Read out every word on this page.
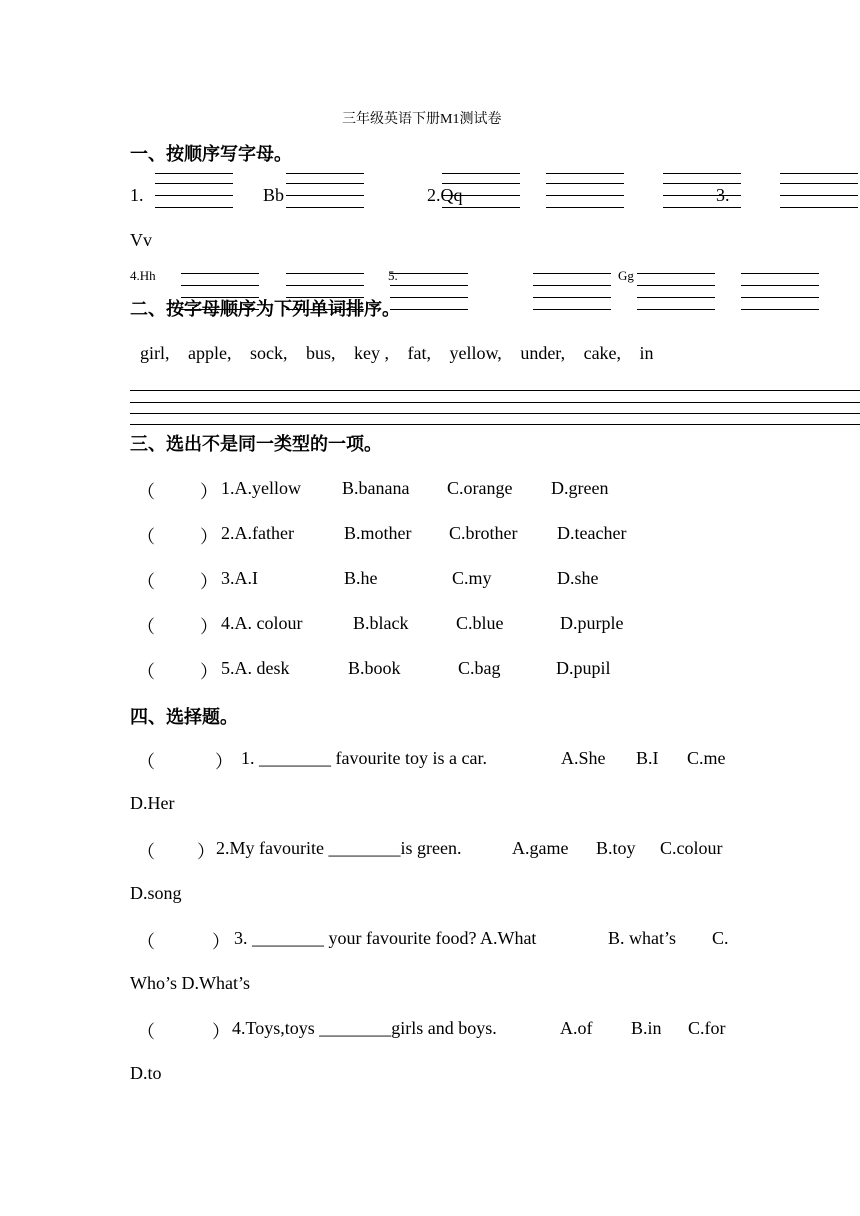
三年级英语下册M1测试卷
一、按顺序写字母。
1.	Bb	2.Qq	3.
Vv
4.Hh	5.	Gg
二、按字母顺序为下列单词排序。
girl, apple, sock, bus, key , fat, yellow, under, cake, in
三、选出不是同一类型的一项。
（	） 1.A.yellow B.banana C.orange D.green
（	） 2.A.father	B.mother C.brother D.teacher
（	） 3.A.I	B.he	C.my	D.she
（	） 4.A. colour	B.black	C.blue	D.purple
（	） 5.A. desk	B.book	C.bag	D.pupil
四、选择题。
（	） 1. ________ favourite toy is a car.	A.She B.I C.me
D.Her
（ ） 2.My favourite ________is green.	A.game B.toy C.colour
D.song
（	） 3. ________ your favourite food? A.What	B. what’s C.
Who’s D.What’s
（	） 4.Toys,toys ________girls and boys.	A.of B.in C.for
D.to
